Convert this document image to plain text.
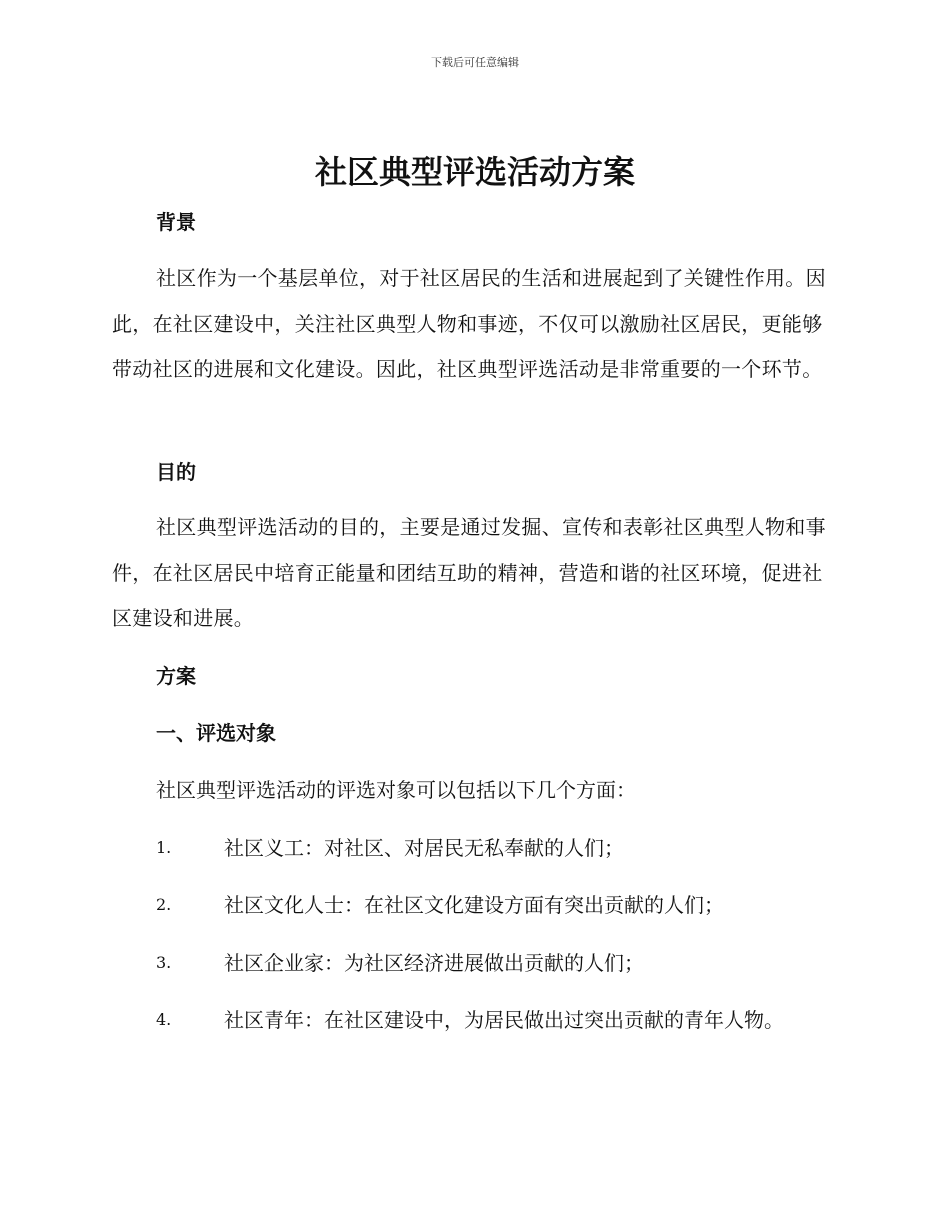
下载后可任意编辑
社区典型评选活动方案
背景

社区作为一个基层单位，对于社区居民的生活和进展起到了关键性作用。因此，在社区建设中，关注社区典型人物和事迹，不仅可以激励社区居民，更能够带动社区的进展和文化建设。因此，社区典型评选活动是非常重要的一个环节。

目的

社区典型评选活动的目的，主要是通过发掘、宣传和表彰社区典型人物和事件，在社区居民中培育正能量和团结互助的精神，营造和谐的社区环境，促进社区建设和进展。

方案
一、评选对象

社区典型评选活动的评选对象可以包括以下几个方面：

1.	社区义工：对社区、对居民无私奉献的人们；
2.	社区文化人士：在社区文化建设方面有突出贡献的人们；
3.	社区企业家：为社区经济进展做出贡献的人们；
4.	社区青年：在社区建设中，为居民做出过突出贡献的青年人物。
